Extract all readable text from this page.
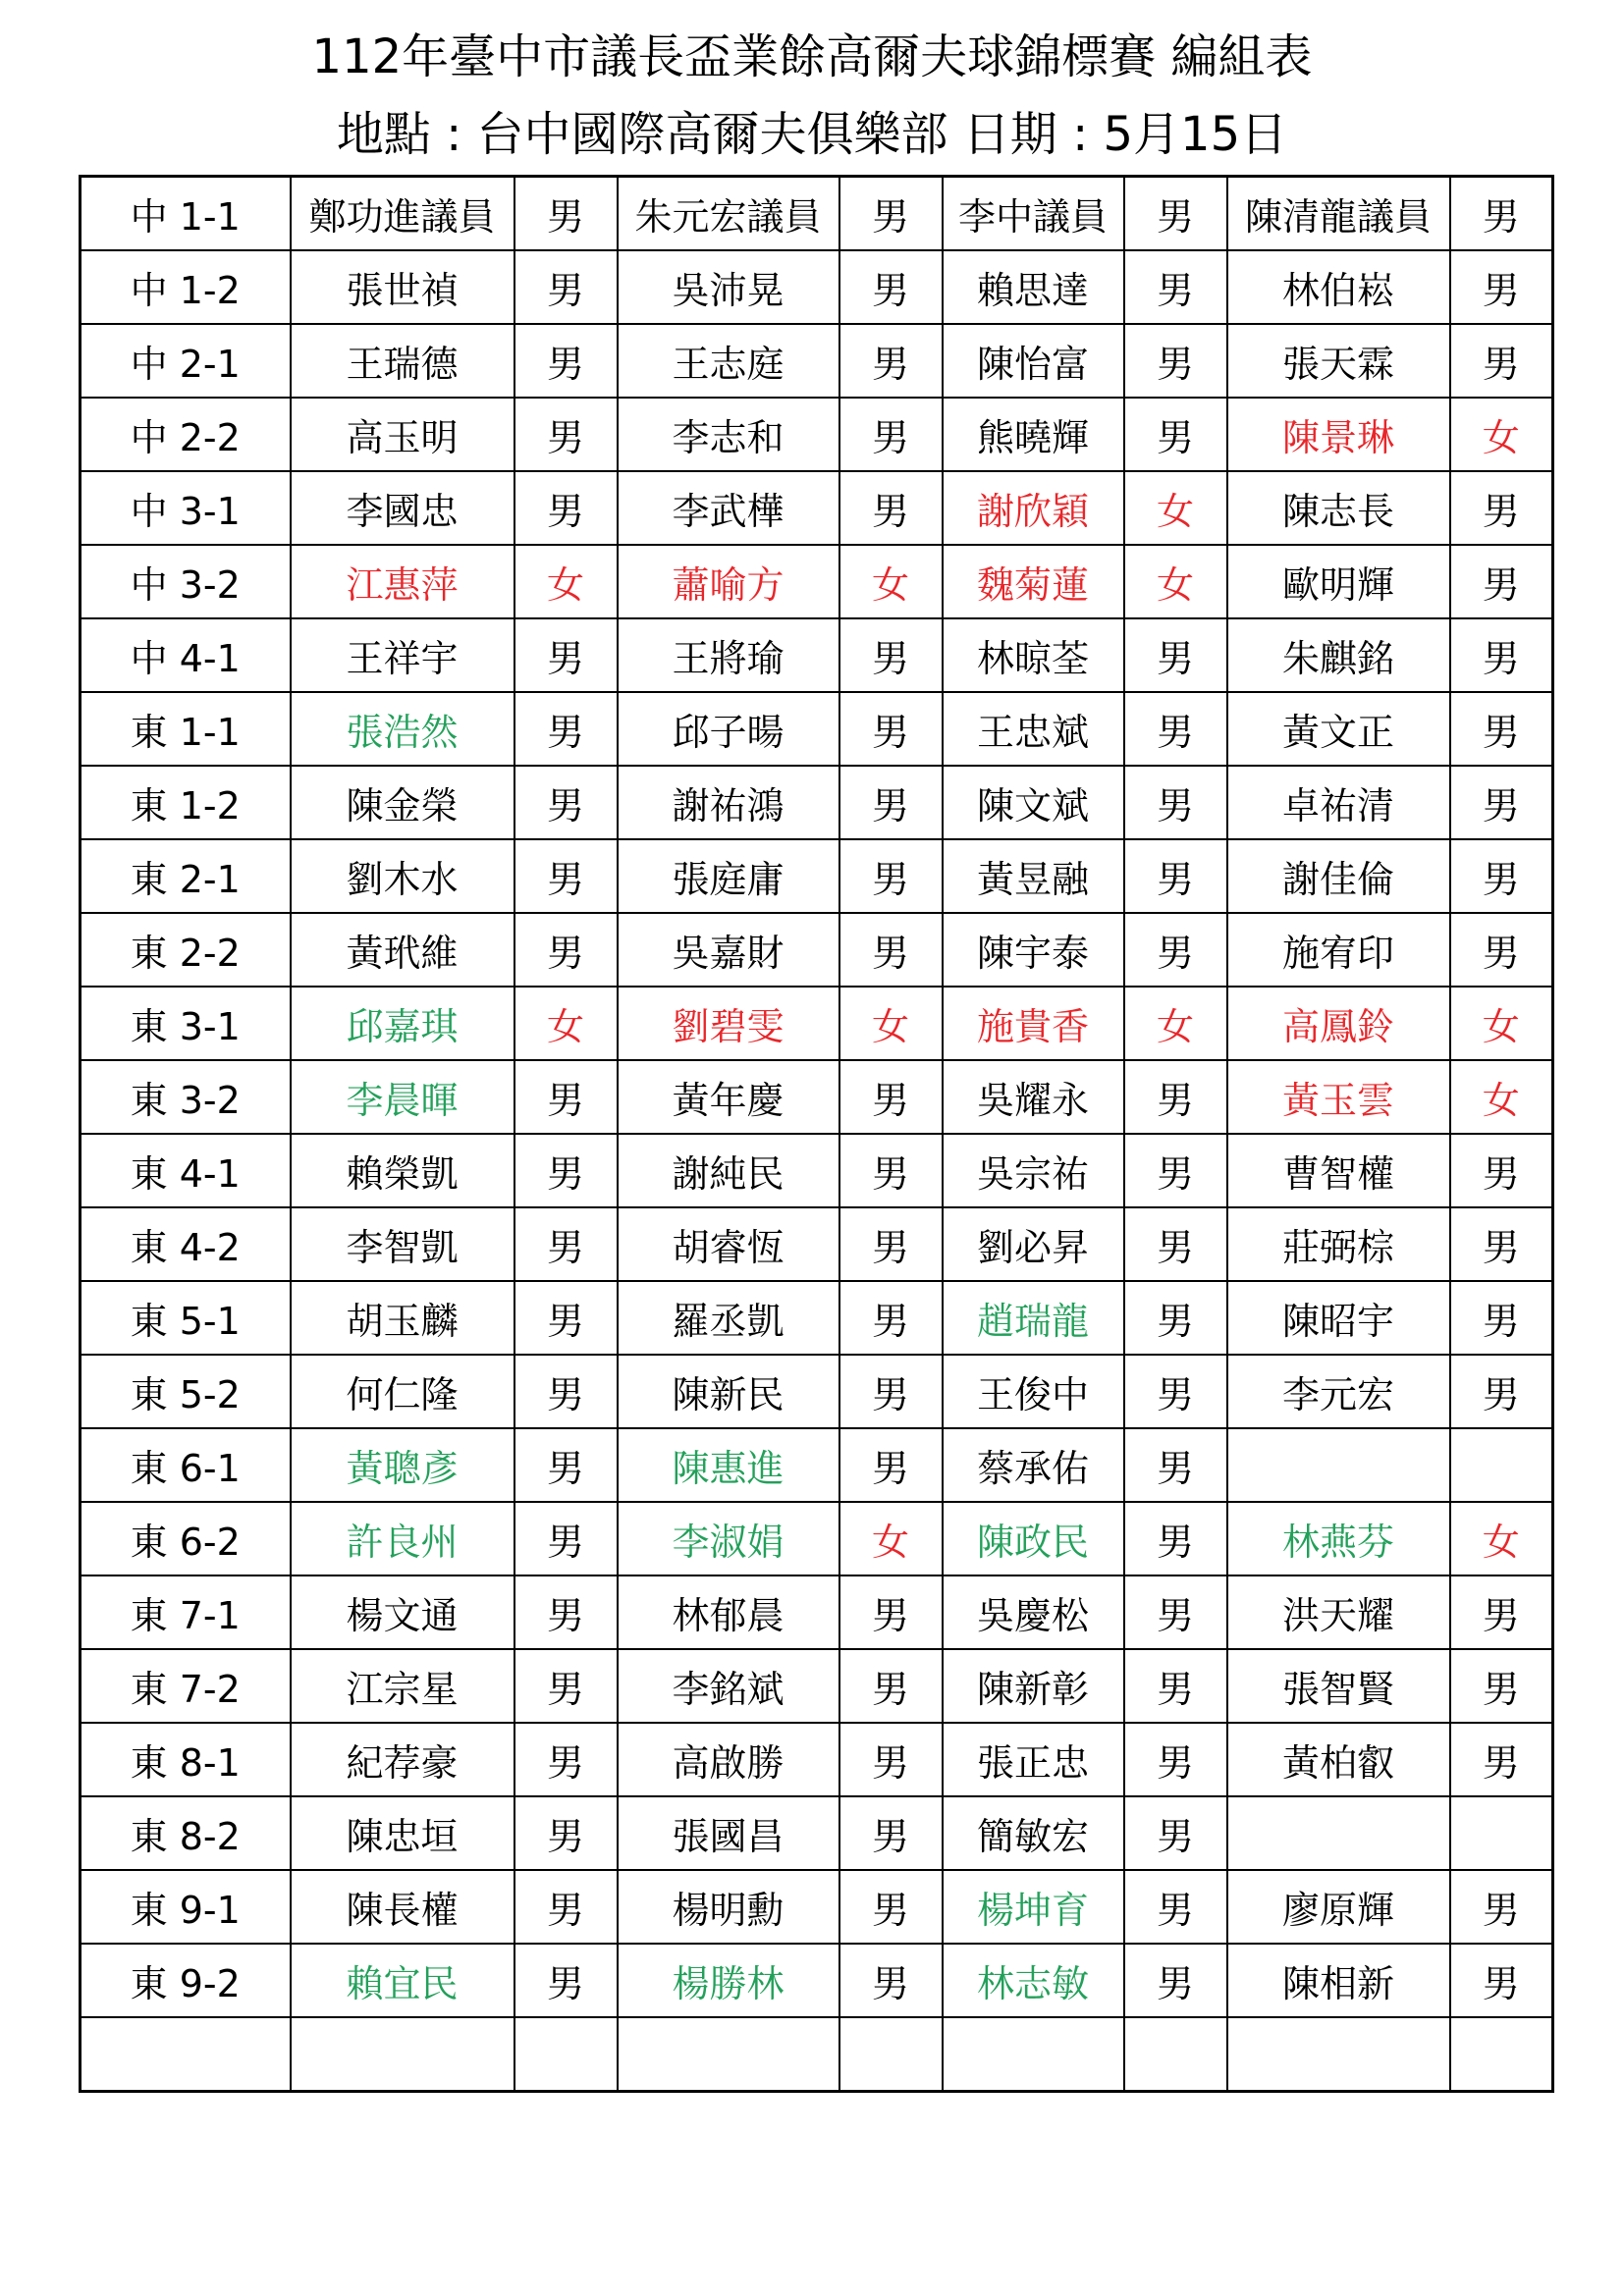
112年臺中市議長盃業餘高爾夫球錦標賽 編組表
地點 : 台中國際高爾夫俱樂部 日期 : 5月15日
中 1-1	鄭功進議員	男	朱元宏議員	男	李中議員	男	陳清龍議員	男
中 1-2	張世禎	男	吳沛晃	男	賴思達	男	林伯崧	男
中 2-1	王瑞德	男	王志庭	男	陳怡富	男	張天霖	男
中 2-2	高玉明	男	李志和	男	熊曉輝	男	陳景琳	女
中 3-1	李國忠	男	李武樺	男	謝欣穎	女	陳志長	男
中 3-2	江惠萍	女	蕭喻方	女	魏菊蓮	女	歐明輝	男
中 4-1	王祥宇	男	王將瑜	男	林晾荃	男	朱麒銘	男
東 1-1	張浩然	男	邱子暘	男	王忠斌	男	黃文正	男
東 1-2	陳金榮	男	謝祐鴻	男	陳文斌	男	卓祐清	男
東 2-1	劉木水	男	張庭庸	男	黃昱融	男	謝佳倫	男
東 2-2	黃玳維	男	吳嘉財	男	陳宇泰	男	施宥印	男
東 3-1	邱嘉琪	女	劉碧雯	女	施貴香	女	高鳳鈴	女
東 3-2	李晨暉	男	黃年慶	男	吳耀永	男	黃玉雲	女
東 4-1	賴榮凱	男	謝純民	男	吳宗祐	男	曹智權	男
東 4-2	李智凱	男	胡睿恆	男	劉必昇	男	莊弼棕	男
東 5-1	胡玉麟	男	羅丞凱	男	趙瑞龍	男	陳昭宇	男
東 5-2	何仁隆	男	陳新民	男	王俊中	男	李元宏	男
東 6-1	黃聰彥	男	陳惠進	男	蔡承佑	男		
東 6-2	許良州	男	李淑娟	女	陳政民	男	林燕芬	女
東 7-1	楊文通	男	林郁晨	男	吳慶松	男	洪天耀	男
東 7-2	江宗星	男	李銘斌	男	陳新彰	男	張智賢	男
東 8-1	紀荐豪	男	高啟勝	男	張正忠	男	黃柏叡	男
東 8-2	陳忠垣	男	張國昌	男	簡敏宏	男		
東 9-1	陳長權	男	楊明勳	男	楊坤育	男	廖原輝	男
東 9-2	賴宜民	男	楊勝林	男	林志敏	男	陳相新	男
